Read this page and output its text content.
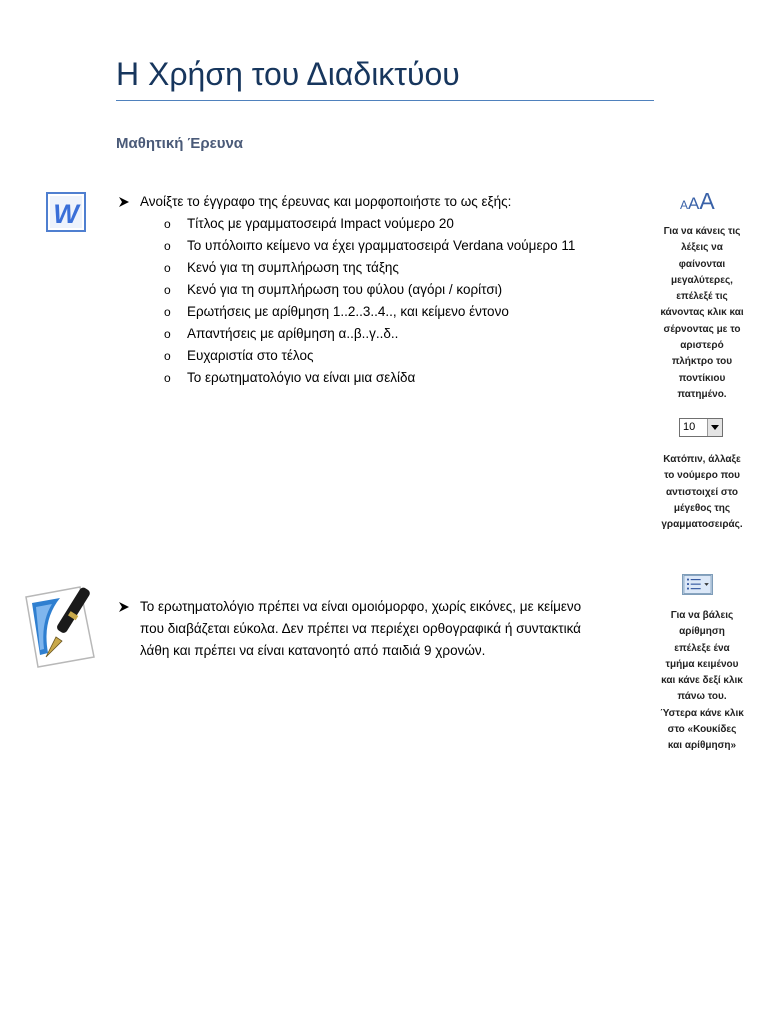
Η Χρήση του Διαδικτύου
Μαθητική Έρευνα
W	Ανοίξτε το έγγραφο της έρευνας και μορφοποιήστε το ως εξής:
o Τίτλος με γραμματοσειρά Impact νούμερο 20
o Το υπόλοιπο κείμενο να έχει γραμματοσειρά Verdana νούμερο 11
o Κενό για τη συμπλήρωση της τάξης
o Κενό για τη συμπλήρωση του φύλου (αγόρι / κορίτσι)
o Ερωτήσεις με αρίθμηση 1..2..3..4.., και κείμενο έντονο
o Απαντήσεις με αρίθμηση α..β..γ..δ..
o Ευχαριστία στο τέλος
o Το ερωτηματολόγιο να είναι μια σελίδα
Το ερωτηματολόγιο πρέπει να είναι ομοιόμορφο, χωρίς εικόνες, με κείμενο
που διαβάζεται εύκολα. Δεν πρέπει να περιέχει ορθογραφικά ή συντακτικά
λάθη και πρέπει να είναι κατανοητό από παιδιά 9 χρονών.
AAA
Για να κάνεις τις
λέξεις να
φαίνονται
μεγαλύτερες,
επέλεξέ τις
κάνοντας κλικ και
σέρνοντας με το
αριστερό
πλήκτρο του
ποντίκιου
πατημένο.
10
Κατόπιν, άλλαξε
το νούμερο που
αντιστοιχεί στο
μέγεθος της
γραμματοσειράς.
Για να βάλεις
αρίθμηση
επέλεξε ένα
τμήμα κειμένου
και κάνε δεξί κλικ
πάνω του.
Ύστερα κάνε κλικ
στο «Κουκίδες
και αρίθμηση»
